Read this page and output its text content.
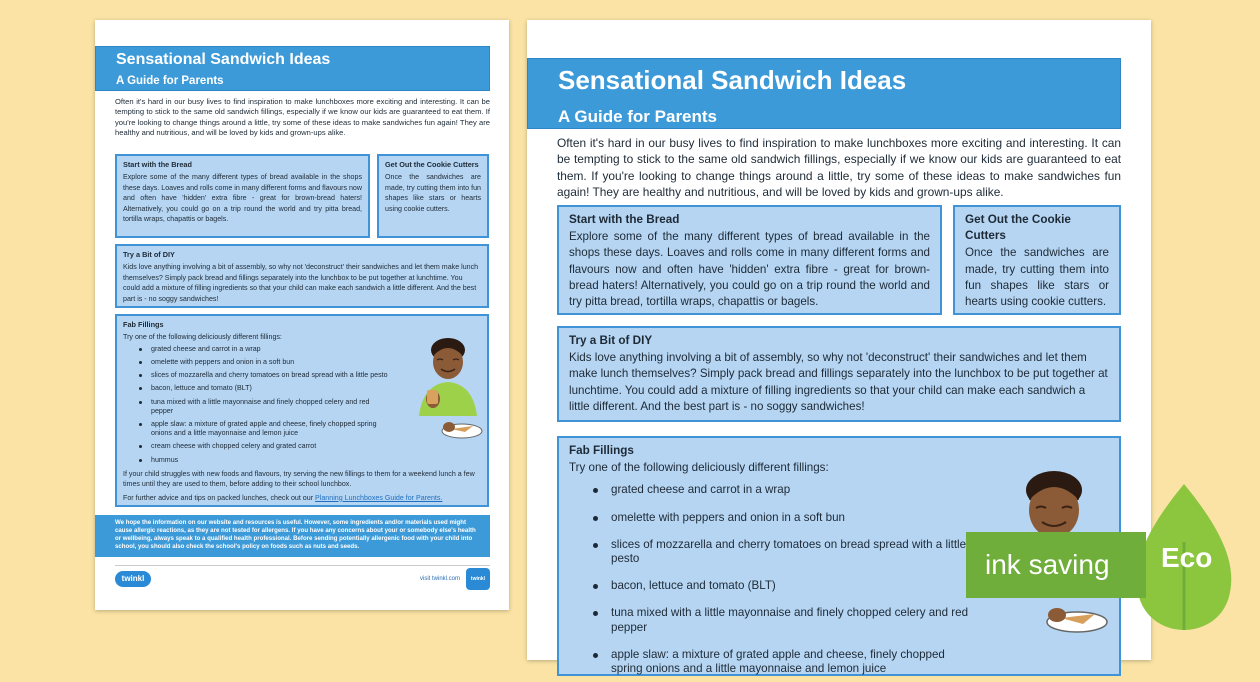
Sensational Sandwich Ideas
A Guide for Parents
Often it's hard in our busy lives to find inspiration to make lunchboxes more exciting and interesting. It can be tempting to stick to the same old sandwich fillings, especially if we know our kids are guaranteed to eat them. If you're looking to change things around a little, try some of these ideas to make sandwiches fun again! They are healthy and nutritious, and will be loved by kids and grown-ups alike.
Start with the Bread
Explore some of the many different types of bread available in the shops these days. Loaves and rolls come in many different forms and flavours now and often have 'hidden' extra fibre - great for brown-bread haters! Alternatively, you could go on a trip round the world and try pitta bread, tortilla wraps, chapattis or bagels.
Get Out the Cookie Cutters
Once the sandwiches are made, try cutting them into fun shapes like stars or hearts using cookie cutters.
Try a Bit of DIY
Kids love anything involving a bit of assembly, so why not 'deconstruct' their sandwiches and let them make lunch themselves? Simply pack bread and fillings separately into the lunchbox to be put together at lunchtime. You could add a mixture of filling ingredients so that your child can make each sandwich a little different. And the best part is - no soggy sandwiches!
Fab Fillings
Try one of the following deliciously different fillings:
grated cheese and carrot in a wrap
omelette with peppers and onion in a soft bun
slices of mozzarella and cherry tomatoes on bread spread with a little pesto
bacon, lettuce and tomato (BLT)
tuna mixed with a little mayonnaise and finely chopped celery and red pepper
apple slaw: a mixture of grated apple and cheese, finely chopped spring onions and a little mayonnaise and lemon juice
cream cheese with chopped celery and grated carrot
hummus
If your child struggles with new foods and flavours, try serving the new fillings to them for a weekend lunch a few times until they are used to them, before adding to their school lunchbox.
For further advice and tips on packed lunches, check out our Planning Lunchboxes Guide for Parents.
We hope the information on our website and resources is useful. However, some ingredients and/or materials used might cause allergic reactions, as they are not tested for allergens. If you have any concerns about your or somebody else's health or wellbeing, always speak to a qualified health professional. Before sending potentially allergenic food with your child into school, you should also check the school's policy on foods such as nuts and seeds.
twinkl	visit twinkl.com	twinkl
Sensational Sandwich Ideas
A Guide for Parents
Often it's hard in our busy lives to find inspiration to make lunchboxes more exciting and interesting. It can be tempting to stick to the same old sandwich fillings, especially if we know our kids are guaranteed to eat them. If you're looking to change things around a little, try some of these ideas to make sandwiches fun again! They are healthy and nutritious, and will be loved by kids and grown-ups alike.
Start with the Bread
Explore some of the many different types of bread available in the shops these days. Loaves and rolls come in many different forms and flavours now and often have 'hidden' extra fibre - great for brown-bread haters! Alternatively, you could go on a trip round the world and try pitta bread, tortilla wraps, chapattis or bagels.
Get Out the Cookie Cutters
Once the sandwiches are made, try cutting them into fun shapes like stars or hearts using cookie cutters.
Try a Bit of DIY
Kids love anything involving a bit of assembly, so why not 'deconstruct' their sandwiches and let them make lunch themselves? Simply pack bread and fillings separately into the lunchbox to be put together at lunchtime. You could add a mixture of filling ingredients so that your child can make each sandwich a little different. And the best part is - no soggy sandwiches!
Fab Fillings
Try one of the following deliciously different fillings:
grated cheese and carrot in a wrap
omelette with peppers and onion in a soft bun
slices of mozzarella and cherry tomatoes on bread spread with a little pesto
bacon, lettuce and tomato (BLT)
tuna mixed with a little mayonnaise and finely chopped celery and red pepper
apple slaw: a mixture of grated apple and cheese, finely chopped spring onions and a little mayonnaise and lemon juice
ink saving	Eco
